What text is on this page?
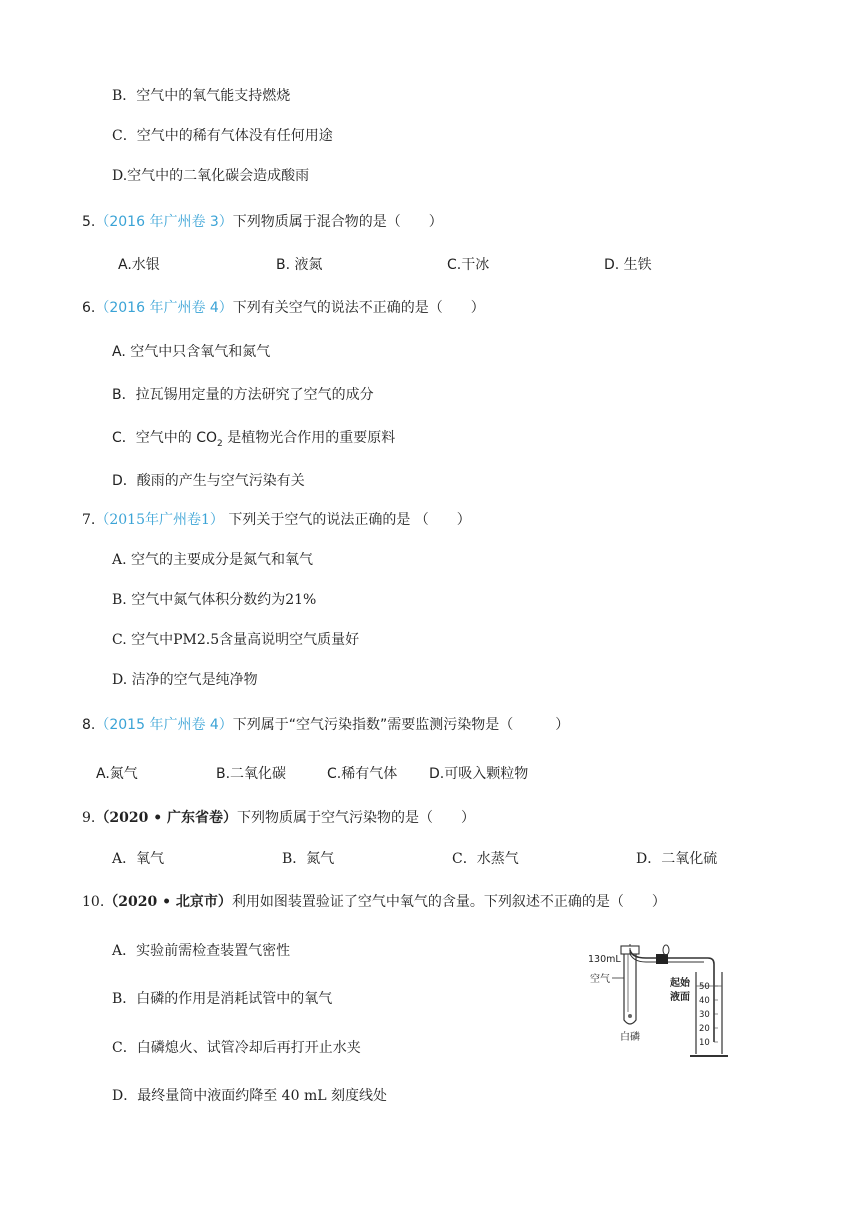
B．空气中的氧气能支持燃烧
C．空气中的稀有气体没有任何用途
D.空气中的二氧化碳会造成酸雨
5.（2016 年广州卷 3）下列物质属于混合物的是（　　）
A.水银	B. 液氮	C.干冰	D. 生铁
6.（2016 年广州卷 4）下列有关空气的说法不正确的是（　　）
A. 空气中只含氧气和氮气
B．拉瓦锡用定量的方法研究了空气的成分
C．空气中的 $CO_2$ 是植物光合作用的重要原料
D．酸雨的产生与空气污染有关
7.（2015年广州卷1） 下列关于空气的说法正确的是 （　　）
A. 空气的主要成分是氮气和氧气
B. 空气中氮气体积分数约为21%
C. 空气中PM2.5含量高说明空气质量好
D. 洁净的空气是纯净物
8.（2015 年广州卷 4）下列属于“空气污染指数”需要监测污染物是（　　　）
A.氮气	B.二氧化碳	C.稀有气体 D.可吸入颗粒物
9.（2020 • 广东省卷）下列物质属于空气污染物的是（　　）
A．氧气	B．氮气	C．水蒸气	D．二氧化硫
10.（2020 • 北京市）利用如图装置验证了空气中氧气的含量。下列叙述不正确的是（　　）
A．实验前需检查装置气密性
B．白磷的作用是消耗试管中的氧气
C．白磷熄火、试管冷却后再打开止水夹
D．最终量筒中液面约降至 40 mL 刻度线处
130mL
空气
白磷
起始
液面
50
40
30
20
10
